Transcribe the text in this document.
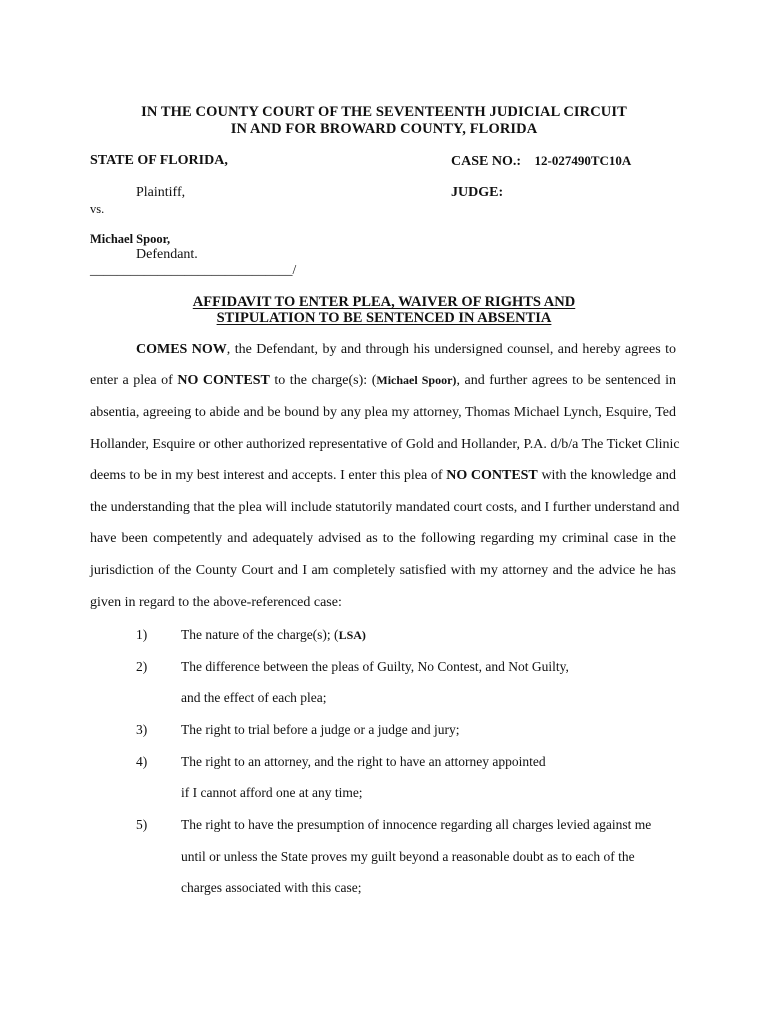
IN THE COUNTY COURT OF THE SEVENTEENTH JUDICIAL CIRCUIT
IN AND FOR BROWARD COUNTY, FLORIDA
STATE OF FLORIDA,	CASE NO.: 12-027490TC10A
Plaintiff,	JUDGE:
vs.
Michael Spoor,
Defendant.
______________________________/
AFFIDAVIT TO ENTER PLEA, WAIVER OF RIGHTS AND
STIPULATION TO BE SENTENCED IN ABSENTIA
COMES NOW, the Defendant, by and through his undersigned counsel, and hereby agrees to
enter a plea of NO CONTEST to the charge(s): (Michael Spoor), and further agrees to be sentenced in
absentia, agreeing to abide and be bound by any plea my attorney, Thomas Michael Lynch, Esquire, Ted
Hollander, Esquire or other authorized representative of Gold and Hollander, P.A. d/b/a The Ticket Clinic
deems to be in my best interest and accepts. I enter this plea of NO CONTEST with the knowledge and
the understanding that the plea will include statutorily mandated court costs, and I further understand and
have been competently and adequately advised as to the following regarding my criminal case in the
jurisdiction of the County Court and I am completely satisfied with my attorney and the advice he has
given in regard to the above-referenced case:
1)	The nature of the charge(s); (LSA)
2)	The difference between the pleas of Guilty, No Contest, and Not Guilty,
and the effect of each plea;
3)	The right to trial before a judge or a judge and jury;
4)	The right to an attorney, and the right to have an attorney appointed
if I cannot afford one at any time;
5)	The right to have the presumption of innocence regarding all charges levied against me
until or unless the State proves my guilt beyond a reasonable doubt as to each of the
charges associated with this case;
